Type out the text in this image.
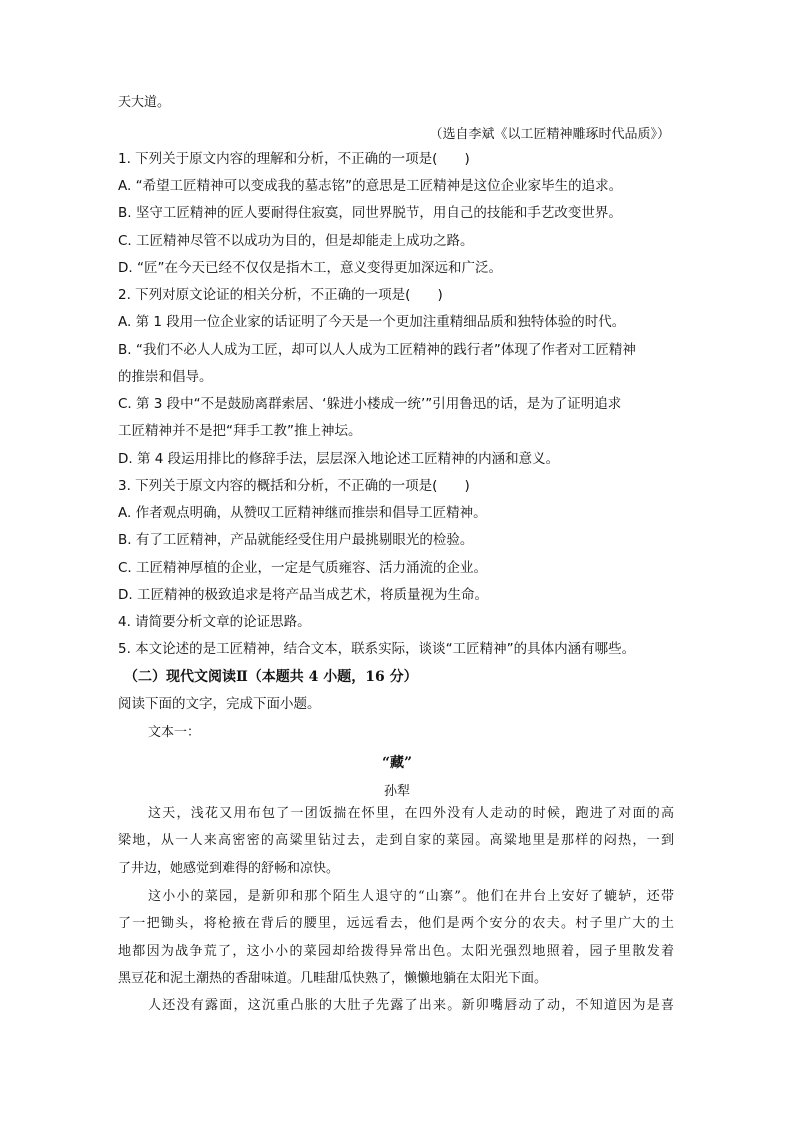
天大道。
（选自李斌《以工匠精神雕琢时代品质》）
1. 下列关于原文内容的理解和分析，不正确的一项是(　　)
A. “希望工匠精神可以变成我的墓志铭”的意思是工匠精神是这位企业家毕生的追求。
B. 坚守工匠精神的匠人要耐得住寂寞，同世界脱节，用自己的技能和手艺改变世界。
C. 工匠精神尽管不以成功为目的，但是却能走上成功之路。
D. “匠”在今天已经不仅仅是指木工，意义变得更加深远和广泛。
2. 下列对原文论证的相关分析，不正确的一项是(　　)
A. 第 1 段用一位企业家的话证明了今天是一个更加注重精细品质和独特体验的时代。
B. “我们不必人人成为工匠，却可以人人成为工匠精神的践行者”体现了作者对工匠精神
的推崇和倡导。
C. 第 3 段中“不是鼓励离群索居、‘躲进小楼成一统’”引用鲁迅的话，是为了证明追求
工匠精神并不是把“拜手工教”推上神坛。
D. 第 4 段运用排比的修辞手法，层层深入地论述工匠精神的内涵和意义。
3. 下列关于原文内容的概括和分析，不正确的一项是(　　)
A. 作者观点明确，从赞叹工匠精神继而推崇和倡导工匠精神。
B. 有了工匠精神，产品就能经受住用户最挑剔眼光的检验。
C. 工匠精神厚植的企业，一定是气质雍容、活力涌流的企业。
D. 工匠精神的极致追求是将产品当成艺术，将质量视为生命。
4. 请简要分析文章的论证思路。
5. 本文论述的是工匠精神，结合文本，联系实际，谈谈“工匠精神”的具体内涵有哪些。
（二）现代文阅读Ⅱ（本题共 4 小题，16 分）
阅读下面的文字，完成下面小题。
文本一：
“藏”
孙犁
这天，浅花又用布包了一团饭揣在怀里，在四外没有人走动的时候，跑进了对面的高
梁地，从一人来高密密的高粱里钻过去，走到自家的菜园。高粱地里是那样的闷热，一到
了井边，她感觉到难得的舒畅和凉快。
这小小的菜园，是新卯和那个陌生人退守的“山寨”。他们在井台上安好了辘轳，还带
了一把锄头，将枪掖在背后的腰里，远远看去，他们是两个安分的农夫。村子里广大的土
地都因为战争荒了，这小小的菜园却给拨得异常出色。太阳光强烈地照着，园子里散发着
黑豆花和泥土潮热的香甜味道。几畦甜瓜快熟了，懒懒地躺在太阳光下面。
人还没有露面，这沉重凸胀的大肚子先露了出来。新卯嘴唇动了动，不知道因为是喜
